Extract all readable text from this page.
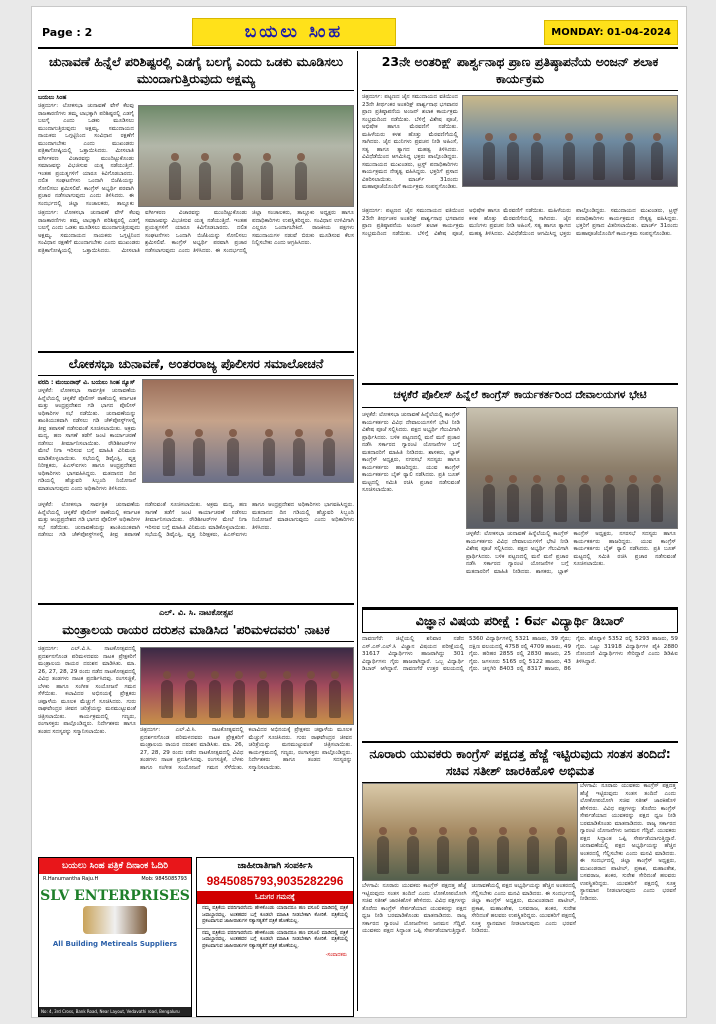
Page : 2	ಬಯಲು ಸಿಂಹ	MONDAY: 01-04-2024
ಚುನಾವಣೆ ಹಿನ್ನೆಲೆ ಪರಿಶಿಷ್ಟರಲ್ಲಿ ಎಡಗೈ ಬಲಗೈ ಎಂದು ಒಡಕು ಮೂಡಿಸಲು ಮುಂದಾಗುತ್ತಿರುವುದು ಅಕ್ಷಮ್ಯ
ಬಯಲು ಸಿಂಹ
ಚಿತ್ರದುರ್ಗ: ಲೋಕಸಭಾ ಚುನಾವಣೆ ವೇಳೆ ಕೆಲವು ರಾಜಕಾರಣಿಗಳು ತಮ್ಮ ಲಾಭಕ್ಕಾಗಿ ಪರಿಶಿಷ್ಟರಲ್ಲಿ ಎಡಗೈ ಬಲಗೈ ಎಂದು ಒಡಕು ಮೂಡಿಸಲು ಮುಂದಾಗುತ್ತಿರುವುದು ಅಕ್ಷಮ್ಯ. ಸಮುದಾಯದ ನಾಯಕರು ಒಗ್ಗಟ್ಟಿನಿಂದ ಸಂವಿಧಾನ ರಕ್ಷಣೆಗೆ ಮುಂದಾಗಬೇಕು ಎಂದು ಮುಖಂಡರು ಪತ್ರಿಕಾಗೋಷ್ಠಿಯಲ್ಲಿ ಒತ್ತಾಯಿಸಿದರು. ಮೀಸಲಾತಿ ವರ್ಗೀಕರಣ ವಿಚಾರವನ್ನು ಮುಂದಿಟ್ಟುಕೊಂಡು ಸಮಾಜವನ್ನು ವಿಭಜಿಸುವ ಯತ್ನ ನಡೆಯುತ್ತಿದೆ. ಇಂತಹ ಪ್ರಯತ್ನಗಳಿಗೆ ಯಾರೂ ಕಿವಿಗೊಡಬಾರದು. ದಲಿತ ಸಂಘಟನೆಗಳು ಒಂದಾಗಿ ಬಿಜೆಪಿಯನ್ನು ಸೋಲಿಸಲು ಶ್ರಮಿಸಲಿವೆ. ಕಾಂಗ್ರೆಸ್ ಅಭ್ಯರ್ಥಿ ಪರವಾಗಿ ಪ್ರಚಾರ ನಡೆಸಲಾಗುವುದು ಎಂದು ತಿಳಿಸಿದರು. ಈ ಸಂದರ್ಭದಲ್ಲಿ ಜಿಲ್ಲಾ ಸಂಚಾಲಕರು, ತಾಲ್ಲೂಕು
ಚಿತ್ರದುರ್ಗ: ಲೋಕಸಭಾ ಚುನಾವಣೆ ವೇಳೆ ಕೆಲವು ರಾಜಕಾರಣಿಗಳು ತಮ್ಮ ಲಾಭಕ್ಕಾಗಿ ಪರಿಶಿಷ್ಟರಲ್ಲಿ ಎಡಗೈ ಬಲಗೈ ಎಂದು ಒಡಕು ಮೂಡಿಸಲು ಮುಂದಾಗುತ್ತಿರುವುದು ಅಕ್ಷಮ್ಯ. ಸಮುದಾಯದ ನಾಯಕರು ಒಗ್ಗಟ್ಟಿನಿಂದ ಸಂವಿಧಾನ ರಕ್ಷಣೆಗೆ ಮುಂದಾಗಬೇಕು ಎಂದು ಮುಖಂಡರು ಪತ್ರಿಕಾಗೋಷ್ಠಿಯಲ್ಲಿ ಒತ್ತಾಯಿಸಿದರು. ಮೀಸಲಾತಿ ವರ್ಗೀಕರಣ ವಿಚಾರವನ್ನು ಮುಂದಿಟ್ಟುಕೊಂಡು ಸಮಾಜವನ್ನು ವಿಭಜಿಸುವ ಯತ್ನ ನಡೆಯುತ್ತಿದೆ. ಇಂತಹ ಪ್ರಯತ್ನಗಳಿಗೆ ಯಾರೂ ಕಿವಿಗೊಡಬಾರದು. ದಲಿತ ಸಂಘಟನೆಗಳು ಒಂದಾಗಿ ಬಿಜೆಪಿಯನ್ನು ಸೋಲಿಸಲು ಶ್ರಮಿಸಲಿವೆ. ಕಾಂಗ್ರೆಸ್ ಅಭ್ಯರ್ಥಿ ಪರವಾಗಿ ಪ್ರಚಾರ ನಡೆಸಲಾಗುವುದು ಎಂದು ತಿಳಿಸಿದರು. ಈ ಸಂದರ್ಭದಲ್ಲಿ ಜಿಲ್ಲಾ ಸಂಚಾಲಕರು, ತಾಲ್ಲೂಕು ಅಧ್ಯಕ್ಷರು ಹಾಗೂ ಪದಾಧಿಕಾರಿಗಳು ಉಪಸ್ಥಿತರಿದ್ದರು. ಸಂವಿಧಾನ ಉಳಿವಿಗಾಗಿ ಎಲ್ಲರೂ ಒಂದಾಗಬೇಕಿದೆ. ರಾಜಕೀಯ ಪಕ್ಷಗಳು ಸಮುದಾಯಗಳ ನಡುವೆ ಬಿರುಕು ಮೂಡಿಸುವ ಕೆಲಸ ನಿಲ್ಲಿಸಬೇಕು ಎಂದು ಆಗ್ರಹಿಸಿದರು.
ಲೋಕಸಭಾ ಚುನಾವಣೆ, ಅಂತರರಾಜ್ಯ ಪೊಲೀಸರ ಸಮಾಲೋಚನೆ
ವರದಿ : ಮಂಜುನಾಥ್ ವಿ. ಬಯಲು ಸಿಂಹ ನ್ಯೂಸ್
ಚಳ್ಳಕೆರೆ: ಲೋಕಸಭಾ ಸಾರ್ವತ್ರಿಕ ಚುನಾವಣೆಯ ಹಿನ್ನೆಲೆಯಲ್ಲಿ ಚಳ್ಳಕೆರೆ ಪೊಲೀಸ್ ಠಾಣೆಯಲ್ಲಿ ಕರ್ನಾಟಕ ಮತ್ತು ಆಂಧ್ರಪ್ರದೇಶದ ಗಡಿ ಭಾಗದ ಪೊಲೀಸ್ ಅಧಿಕಾರಿಗಳ ಸಭೆ ನಡೆಯಿತು. ಚುನಾವಣೆಯನ್ನು ಶಾಂತಿಯುತವಾಗಿ ನಡೆಸಲು ಗಡಿ ಚೆಕ್‌ಪೋಸ್ಟ್‌ಗಳಲ್ಲಿ ತೀವ್ರ ತಪಾಸಣೆ ನಡೆಸುವಂತೆ ಸೂಚಿಸಲಾಯಿತು. ಅಕ್ರಮ ಮದ್ಯ, ಹಣ ಸಾಗಣೆ ತಡೆಗೆ ಜಂಟಿ ಕಾರ್ಯಾಚರಣೆ ನಡೆಸಲು ತೀರ್ಮಾನಿಸಲಾಯಿತು. ರೌಡಿಶೀಟರ್‌ಗಳ ಮೇಲೆ ನಿಗಾ ಇರಿಸುವ ಬಗ್ಗೆ ಮಾಹಿತಿ ವಿನಿಮಯ ಮಾಡಿಕೊಳ್ಳಲಾಯಿತು. ಸಭೆಯಲ್ಲಿ ಡಿವೈಎಸ್ಪಿ, ವೃತ್ತ ನಿರೀಕ್ಷಕರು, ಪಿಎಸ್‌ಐಗಳು ಹಾಗೂ ಆಂಧ್ರಪ್ರದೇಶದ ಅಧಿಕಾರಿಗಳು ಭಾಗವಹಿಸಿದ್ದರು. ಮತದಾನದ ದಿನ ಗಡಿಯಲ್ಲಿ ಹೆಚ್ಚುವರಿ ಸಿಬ್ಬಂದಿ ನಿಯೋಜನೆ ಮಾಡಲಾಗುವುದು ಎಂದು ಅಧಿಕಾರಿಗಳು ತಿಳಿಸಿದರು.
ಚಳ್ಳಕೆರೆ: ಲೋಕಸಭಾ ಸಾರ್ವತ್ರಿಕ ಚುನಾವಣೆಯ ಹಿನ್ನೆಲೆಯಲ್ಲಿ ಚಳ್ಳಕೆರೆ ಪೊಲೀಸ್ ಠಾಣೆಯಲ್ಲಿ ಕರ್ನಾಟಕ ಮತ್ತು ಆಂಧ್ರಪ್ರದೇಶದ ಗಡಿ ಭಾಗದ ಪೊಲೀಸ್ ಅಧಿಕಾರಿಗಳ ಸಭೆ ನಡೆಯಿತು. ಚುನಾವಣೆಯನ್ನು ಶಾಂತಿಯುತವಾಗಿ ನಡೆಸಲು ಗಡಿ ಚೆಕ್‌ಪೋಸ್ಟ್‌ಗಳಲ್ಲಿ ತೀವ್ರ ತಪಾಸಣೆ ನಡೆಸುವಂತೆ ಸೂಚಿಸಲಾಯಿತು. ಅಕ್ರಮ ಮದ್ಯ, ಹಣ ಸಾಗಣೆ ತಡೆಗೆ ಜಂಟಿ ಕಾರ್ಯಾಚರಣೆ ನಡೆಸಲು ತೀರ್ಮಾನಿಸಲಾಯಿತು. ರೌಡಿಶೀಟರ್‌ಗಳ ಮೇಲೆ ನಿಗಾ ಇರಿಸುವ ಬಗ್ಗೆ ಮಾಹಿತಿ ವಿನಿಮಯ ಮಾಡಿಕೊಳ್ಳಲಾಯಿತು. ಸಭೆಯಲ್ಲಿ ಡಿವೈಎಸ್ಪಿ, ವೃತ್ತ ನಿರೀಕ್ಷಕರು, ಪಿಎಸ್‌ಐಗಳು ಹಾಗೂ ಆಂಧ್ರಪ್ರದೇಶದ ಅಧಿಕಾರಿಗಳು ಭಾಗವಹಿಸಿದ್ದರು. ಮತದಾನದ ದಿನ ಗಡಿಯಲ್ಲಿ ಹೆಚ್ಚುವರಿ ಸಿಬ್ಬಂದಿ ನಿಯೋಜನೆ ಮಾಡಲಾಗುವುದು ಎಂದು ಅಧಿಕಾರಿಗಳು ತಿಳಿಸಿದರು.
ಎಲ್. ವಿ. ಸಿ. ನಾಟಕೋತ್ಸವ
ಮಂತ್ರಾಲಯ ರಾಯರ ದರುಶನ ಮಾಡಿಸಿದ 'ಪರಿಮಳದವರು' ನಾಟಕ
ಚಿತ್ರದುರ್ಗ: ಎಲ್.ವಿ.ಸಿ. ನಾಟಕೋತ್ಸವದಲ್ಲಿ ಪ್ರದರ್ಶನಗೊಂಡ ಪರಿಮಳದವರು ನಾಟಕ ಪ್ರೇಕ್ಷಕರಿಗೆ ಮಂತ್ರಾಲಯ ರಾಯರ ದರುಶನ ಮಾಡಿಸಿತು. ಮಾ. 26, 27, 28, 29 ರಂದು ನಡೆದ ನಾಟಕೋತ್ಸವದಲ್ಲಿ ವಿವಿಧ ತಂಡಗಳು ನಾಟಕ ಪ್ರದರ್ಶಿಸಿದವು. ರಂಗಸಜ್ಜಿಕೆ, ಬೆಳಕು ಹಾಗೂ ಸಂಗೀತ ಸಂಯೋಜನೆ ಗಮನ ಸೆಳೆಯಿತು. ಕಲಾವಿದರ ಅಭಿನಯಕ್ಕೆ ಪ್ರೇಕ್ಷಕರು ಚಪ್ಪಾಳೆಯ ಮೂಲಕ ಮೆಚ್ಚುಗೆ ಸೂಚಿಸಿದರು. ಗುರು ರಾಘವೇಂದ್ರರ ಜೀವನ ಚರಿತ್ರೆಯನ್ನು ಮನಮುಟ್ಟುವಂತೆ ಚಿತ್ರಿಸಲಾಯಿತು. ಕಾರ್ಯಕ್ರಮದಲ್ಲಿ ಗಣ್ಯರು, ರಂಗಾಸಕ್ತರು ಪಾಲ್ಗೊಂಡಿದ್ದರು. ನಿರ್ದೇಶಕರು ಹಾಗೂ ತಂಡದ ಸದಸ್ಯರನ್ನು ಸನ್ಮಾನಿಸಲಾಯಿತು.	ಚಿತ್ರದುರ್ಗ: ಎಲ್.ವಿ.ಸಿ. ನಾಟಕೋತ್ಸವದಲ್ಲಿ ಪ್ರದರ್ಶನಗೊಂಡ ಪರಿಮಳದವರು ನಾಟಕ ಪ್ರೇಕ್ಷಕರಿಗೆ ಮಂತ್ರಾಲಯ ರಾಯರ ದರುಶನ ಮಾಡಿಸಿತು. ಮಾ. 26, 27, 28, 29 ರಂದು ನಡೆದ ನಾಟಕೋತ್ಸವದಲ್ಲಿ ವಿವಿಧ ತಂಡಗಳು ನಾಟಕ ಪ್ರದರ್ಶಿಸಿದವು. ರಂಗಸಜ್ಜಿಕೆ, ಬೆಳಕು ಹಾಗೂ ಸಂಗೀತ ಸಂಯೋಜನೆ ಗಮನ ಸೆಳೆಯಿತು. ಕಲಾವಿದರ ಅಭಿನಯಕ್ಕೆ ಪ್ರೇಕ್ಷಕರು ಚಪ್ಪಾಳೆಯ ಮೂಲಕ ಮೆಚ್ಚುಗೆ ಸೂಚಿಸಿದರು. ಗುರು ರಾಘವೇಂದ್ರರ ಜೀವನ ಚರಿತ್ರೆಯನ್ನು ಮನಮುಟ್ಟುವಂತೆ ಚಿತ್ರಿಸಲಾಯಿತು. ಕಾರ್ಯಕ್ರಮದಲ್ಲಿ ಗಣ್ಯರು, ರಂಗಾಸಕ್ತರು ಪಾಲ್ಗೊಂಡಿದ್ದರು. ನಿರ್ದೇಶಕರು ಹಾಗೂ ತಂಡದ ಸದಸ್ಯರನ್ನು ಸನ್ಮಾನಿಸಲಾಯಿತು.
ಬಯಲು ಸಿಂಹ ಪತ್ರಿಕೆ ದಿನಾಂಕ ಓದಿರಿ
R.Hanumantha Raju.H	Mob: 9845085793
SLV ENTERPRISES
All Building Metireals Suppliers
No: 4, 3rd Cross, Bank Road, Near Layout, Vedavathi road, Bengaluru
ಜಾಹೀರಾತಿಗಾಗಿ ಸಂಪರ್ಕಿಸಿ
9845085793,9035282296
ಓದುಗರ ಗಮನಕ್ಕೆ
ನಮ್ಮ ಪತ್ರಿಕೆಯ ವರದಿಗಾರರೆಂದು ಹೇಳಿಕೊಂಡು ಯಾರಾದರೂ ಹಣ ವಸೂಲಿ ಮಾಡಿದಲ್ಲಿ ಪತ್ರಿಕೆ ಜವಾಬ್ದಾರವಲ್ಲ. ಅಂತಹವರ ಬಗ್ಗೆ ಕೂಡಲೇ ಮಾಹಿತಿ ನೀಡಬೇಕಾಗಿ ಕೋರಿಕೆ. ಪತ್ರಿಕೆಯಲ್ಲಿ ಪ್ರಕಟವಾಗುವ ಜಾಹೀರಾತುಗಳ ಸತ್ಯಾಸತ್ಯತೆಗೆ ಪತ್ರಿಕೆ ಹೊಣೆಯಲ್ಲ.
ನಮ್ಮ ಪತ್ರಿಕೆಯ ವರದಿಗಾರರೆಂದು ಹೇಳಿಕೊಂಡು ಯಾರಾದರೂ ಹಣ ವಸೂಲಿ ಮಾಡಿದಲ್ಲಿ ಪತ್ರಿಕೆ ಜವಾಬ್ದಾರವಲ್ಲ. ಅಂತಹವರ ಬಗ್ಗೆ ಕೂಡಲೇ ಮಾಹಿತಿ ನೀಡಬೇಕಾಗಿ ಕೋರಿಕೆ. ಪತ್ರಿಕೆಯಲ್ಲಿ ಪ್ರಕಟವಾಗುವ ಜಾಹೀರಾತುಗಳ ಸತ್ಯಾಸತ್ಯತೆಗೆ ಪತ್ರಿಕೆ ಹೊಣೆಯಲ್ಲ.
-ಸಂಪಾದಕರು
23ನೇ ಅಂತರಿಕ್ಷ್ ಪಾರ್ಶ್ವನಾಥ ಪ್ರಾಣ ಪ್ರತಿಷ್ಠಾಪನೆಯ ಅಂಜನ್ ಶಲಾಕ ಕಾರ್ಯಕ್ರಮ
ಚಿತ್ರದುರ್ಗ: ಪಟ್ಟಣದ ಜೈನ ಸಮುದಾಯದ ವತಿಯಿಂದ 23ನೇ ತೀರ್ಥಂಕರ ಅಂತರಿಕ್ಷ್ ಪಾರ್ಶ್ವನಾಥ ಭಗವಾನರ ಪ್ರಾಣ ಪ್ರತಿಷ್ಠಾಪನೆಯ ಅಂಜನ್ ಶಲಾಕ ಕಾರ್ಯಕ್ರಮ ಸಂಭ್ರಮದಿಂದ ನಡೆಯಿತು. ಬೆಳಿಗ್ಗೆ ವಿಶೇಷ ಪೂಜೆ, ಅಭಿಷೇಕ ಹಾಗೂ ಮೆರವಣಿಗೆ ನಡೆಯಿತು. ಮಹಿಳೆಯರು ಕಳಶ ಹೊತ್ತು ಮೆರವಣಿಗೆಯಲ್ಲಿ ಸಾಗಿದರು. ಜೈನ ಮುನಿಗಳು ಪ್ರವಚನ ನೀಡಿ ಅಹಿಂಸೆ, ಸತ್ಯ ಹಾಗೂ ತ್ಯಾಗದ ಮಹತ್ವ ತಿಳಿಸಿದರು. ವಿವಿಧೆಡೆಯಿಂದ ಆಗಮಿಸಿದ್ದ ಭಕ್ತರು ಪಾಲ್ಗೊಂಡಿದ್ದರು. ಸಮುದಾಯದ ಮುಖಂಡರು, ಟ್ರಸ್ಟ್ ಪದಾಧಿಕಾರಿಗಳು ಕಾರ್ಯಕ್ರಮದ ನೇತೃತ್ವ ವಹಿಸಿದ್ದರು. ಭಕ್ತರಿಗೆ ಪ್ರಸಾದ ವಿತರಿಸಲಾಯಿತು. ಮಾರ್ಚ್ 31ರಂದು ಮಹಾಪೂಜೆಯೊಂದಿಗೆ ಕಾರ್ಯಕ್ರಮ ಸಂಪನ್ನಗೊಂಡಿತು.
ಚಿತ್ರದುರ್ಗ: ಪಟ್ಟಣದ ಜೈನ ಸಮುದಾಯದ ವತಿಯಿಂದ 23ನೇ ತೀರ್ಥಂಕರ ಅಂತರಿಕ್ಷ್ ಪಾರ್ಶ್ವನಾಥ ಭಗವಾನರ ಪ್ರಾಣ ಪ್ರತಿಷ್ಠಾಪನೆಯ ಅಂಜನ್ ಶಲಾಕ ಕಾರ್ಯಕ್ರಮ ಸಂಭ್ರಮದಿಂದ ನಡೆಯಿತು. ಬೆಳಿಗ್ಗೆ ವಿಶೇಷ ಪೂಜೆ, ಅಭಿಷೇಕ ಹಾಗೂ ಮೆರವಣಿಗೆ ನಡೆಯಿತು. ಮಹಿಳೆಯರು ಕಳಶ ಹೊತ್ತು ಮೆರವಣಿಗೆಯಲ್ಲಿ ಸಾಗಿದರು. ಜೈನ ಮುನಿಗಳು ಪ್ರವಚನ ನೀಡಿ ಅಹಿಂಸೆ, ಸತ್ಯ ಹಾಗೂ ತ್ಯಾಗದ ಮಹತ್ವ ತಿಳಿಸಿದರು. ವಿವಿಧೆಡೆಯಿಂದ ಆಗಮಿಸಿದ್ದ ಭಕ್ತರು ಪಾಲ್ಗೊಂಡಿದ್ದರು. ಸಮುದಾಯದ ಮುಖಂಡರು, ಟ್ರಸ್ಟ್ ಪದಾಧಿಕಾರಿಗಳು ಕಾರ್ಯಕ್ರಮದ ನೇತೃತ್ವ ವಹಿಸಿದ್ದರು. ಭಕ್ತರಿಗೆ ಪ್ರಸಾದ ವಿತರಿಸಲಾಯಿತು. ಮಾರ್ಚ್ 31ರಂದು ಮಹಾಪೂಜೆಯೊಂದಿಗೆ ಕಾರ್ಯಕ್ರಮ ಸಂಪನ್ನಗೊಂಡಿತು.
ಚಳ್ಳಕೆರೆ ಪೊಲೀಸ್ ಹಿನ್ನೆಲೆ ಕಾಂಗ್ರೆಸ್ ಕಾರ್ಯಕರ್ತರಿಂದ ದೇವಾಲಯಗಳ ಭೇಟಿ
ಚಳ್ಳಕೆರೆ: ಲೋಕಸಭಾ ಚುನಾವಣೆ ಹಿನ್ನೆಲೆಯಲ್ಲಿ ಕಾಂಗ್ರೆಸ್ ಕಾರ್ಯಕರ್ತರು ವಿವಿಧ ದೇವಾಲಯಗಳಿಗೆ ಭೇಟಿ ನೀಡಿ ವಿಶೇಷ ಪೂಜೆ ಸಲ್ಲಿಸಿದರು. ಪಕ್ಷದ ಅಭ್ಯರ್ಥಿ ಗೆಲುವಿಗಾಗಿ ಪ್ರಾರ್ಥಿಸಿದರು. ಬಳಿಕ ಪಟ್ಟಣದಲ್ಲಿ ಮನೆ ಮನೆ ಪ್ರಚಾರ ನಡೆಸಿ ಸರ್ಕಾರದ ಗ್ಯಾರಂಟಿ ಯೋಜನೆಗಳ ಬಗ್ಗೆ ಮತದಾರರಿಗೆ ಮಾಹಿತಿ ನೀಡಿದರು. ಶಾಸಕರು, ಬ್ಲಾಕ್ ಕಾಂಗ್ರೆಸ್ ಅಧ್ಯಕ್ಷರು, ನಗರಸಭೆ ಸದಸ್ಯರು ಹಾಗೂ ಕಾರ್ಯಕರ್ತರು ಹಾಜರಿದ್ದರು. ಯುವ ಕಾಂಗ್ರೆಸ್ ಕಾರ್ಯಕರ್ತರು ಬೈಕ್ ರ‍್ಯಾಲಿ ನಡೆಸಿದರು. ಪ್ರತಿ ಬೂತ್ ಮಟ್ಟದಲ್ಲಿ ಸಮಿತಿ ರಚಿಸಿ ಪ್ರಚಾರ ನಡೆಸುವಂತೆ ಸೂಚಿಸಲಾಯಿತು.
ಚಳ್ಳಕೆರೆ: ಲೋಕಸಭಾ ಚುನಾವಣೆ ಹಿನ್ನೆಲೆಯಲ್ಲಿ ಕಾಂಗ್ರೆಸ್ ಕಾರ್ಯಕರ್ತರು ವಿವಿಧ ದೇವಾಲಯಗಳಿಗೆ ಭೇಟಿ ನೀಡಿ ವಿಶೇಷ ಪೂಜೆ ಸಲ್ಲಿಸಿದರು. ಪಕ್ಷದ ಅಭ್ಯರ್ಥಿ ಗೆಲುವಿಗಾಗಿ ಪ್ರಾರ್ಥಿಸಿದರು. ಬಳಿಕ ಪಟ್ಟಣದಲ್ಲಿ ಮನೆ ಮನೆ ಪ್ರಚಾರ ನಡೆಸಿ ಸರ್ಕಾರದ ಗ್ಯಾರಂಟಿ ಯೋಜನೆಗಳ ಬಗ್ಗೆ ಮತದಾರರಿಗೆ ಮಾಹಿತಿ ನೀಡಿದರು. ಶಾಸಕರು, ಬ್ಲಾಕ್ ಕಾಂಗ್ರೆಸ್ ಅಧ್ಯಕ್ಷರು, ನಗರಸಭೆ ಸದಸ್ಯರು ಹಾಗೂ ಕಾರ್ಯಕರ್ತರು ಹಾಜರಿದ್ದರು. ಯುವ ಕಾಂಗ್ರೆಸ್ ಕಾರ್ಯಕರ್ತರು ಬೈಕ್ ರ‍್ಯಾಲಿ ನಡೆಸಿದರು. ಪ್ರತಿ ಬೂತ್ ಮಟ್ಟದಲ್ಲಿ ಸಮಿತಿ ರಚಿಸಿ ಪ್ರಚಾರ ನಡೆಸುವಂತೆ ಸೂಚಿಸಲಾಯಿತು.
ವಿಜ್ಞಾನ ವಿಷಯ ಪರೀಕ್ಷೆ : 6ರ್ವ ವಿದ್ಯಾರ್ಥಿ ಡಿಬಾರ್
ದಾವಣಗೆರೆ: ಜಿಲ್ಲೆಯಲ್ಲಿ ಶನಿವಾರ ನಡೆದ ಎಸ್.ಎಸ್.ಎಲ್.ಸಿ ವಿಜ್ಞಾನ ವಿಷಯದ ಪರೀಕ್ಷೆಯಲ್ಲಿ 31617 ವಿದ್ಯಾರ್ಥಿಗಳು ಹಾಜರಾಗಿದ್ದು 301 ವಿದ್ಯಾರ್ಥಿಗಳು ಗೈರು ಹಾಜರಾಗಿದ್ದಾರೆ. ಒಬ್ಬ ವಿದ್ಯಾರ್ಥಿ ಡಿಬಾರ್ ಆಗಿದ್ದಾನೆ. ದಾವಣಗೆರೆ ಉತ್ತರ ವಲಯದಲ್ಲಿ 5360 ವಿದ್ಯಾರ್ಥಿಗಳಲ್ಲಿ 5321 ಹಾಜರು, 39 ಗೈರು; ದಕ್ಷಿಣ ವಲಯದಲ್ಲಿ 4758 ರಲ್ಲಿ 4709 ಹಾಜರು, 49 ಗೈರು. ಹರಿಹರ 2855 ರಲ್ಲಿ 2830 ಹಾಜರು, 25 ಗೈರು. ಜಗಳೂರು 5165 ರಲ್ಲಿ 5122 ಹಾಜರು, 43 ಗೈರು. ಚನ್ನಗಿರಿ 8403 ರಲ್ಲಿ 8317 ಹಾಜರು, 86 ಗೈರು. ಹೊನ್ನಾಳಿ 5352 ರಲ್ಲಿ 5293 ಹಾಜರು, 59 ಗೈರು. ಒಟ್ಟು 31918 ವಿದ್ಯಾರ್ಥಿಗಳ ಪೈಕಿ 2880 ನೋಂದಣಿ ವಿದ್ಯಾರ್ಥಿಗಳು ಸೇರಿದ್ದಾರೆ ಎಂದು ಡಿಡಿಪಿಐ ತಿಳಿಸಿದ್ದಾರೆ.
ನೂರಾರು ಯುವಕರು ಕಾಂಗ್ರೆಸ್ ಪಕ್ಷದತ್ತ ಹೆಜ್ಜೆ ಇಟ್ಟಿರುವುದು ಸಂತಸ ತಂದಿದೆ: ಸಚಿವ ಸತೀಶ್ ಜಾರಕಿಹೊಳಿ ಅಭಿಮತ
ಬೆಳಗಾವಿ: ನೂರಾರು ಯುವಕರು ಕಾಂಗ್ರೆಸ್ ಪಕ್ಷದತ್ತ ಹೆಜ್ಜೆ ಇಟ್ಟಿರುವುದು ಸಂತಸ ತಂದಿದೆ ಎಂದು ಲೋಕೋಪಯೋಗಿ ಸಚಿವ ಸತೀಶ್ ಜಾರಕಿಹೊಳಿ ಹೇಳಿದರು. ವಿವಿಧ ಪಕ್ಷಗಳನ್ನು ತೊರೆದು ಕಾಂಗ್ರೆಸ್ ಸೇರ್ಪಡೆಯಾದ ಯುವಕರನ್ನು ಪಕ್ಷದ ಧ್ವಜ ನೀಡಿ ಬರಮಾಡಿಕೊಂಡು ಮಾತನಾಡಿದರು. ರಾಜ್ಯ ಸರ್ಕಾರದ ಗ್ಯಾರಂಟಿ ಯೋಜನೆಗಳು ಜನಮನ ಗೆದ್ದಿವೆ. ಯುವಕರು ಪಕ್ಷದ ಸಿದ್ಧಾಂತ ಒಪ್ಪಿ ಸೇರ್ಪಡೆಯಾಗುತ್ತಿದ್ದಾರೆ. ಚುನಾವಣೆಯಲ್ಲಿ ಪಕ್ಷದ ಅಭ್ಯರ್ಥಿಯನ್ನು ಹೆಚ್ಚಿನ ಅಂತರದಲ್ಲಿ ಗೆಲ್ಲಿಸಬೇಕು ಎಂದು ಮನವಿ ಮಾಡಿದರು. ಈ ಸಂದರ್ಭದಲ್ಲಿ ಜಿಲ್ಲಾ ಕಾಂಗ್ರೆಸ್ ಅಧ್ಯಕ್ಷರು, ಮುಖಂಡರಾದ ಪಾಟೀಲ್, ಪ್ರಕಾಶ, ಮಹಾಂತೇಶ, ಬಸವರಾಜ, ಶಂಕರ, ಸುರೇಶ ಸೇರಿದಂತೆ ಹಲವರು ಉಪಸ್ಥಿತರಿದ್ದರು. ಯುವಕರಿಗೆ ಪಕ್ಷದಲ್ಲಿ ಸೂಕ್ತ ಸ್ಥಾನಮಾನ ನೀಡಲಾಗುವುದು ಎಂದು ಭರವಸೆ ನೀಡಿದರು.
ಬೆಳಗಾವಿ: ನೂರಾರು ಯುವಕರು ಕಾಂಗ್ರೆಸ್ ಪಕ್ಷದತ್ತ ಹೆಜ್ಜೆ ಇಟ್ಟಿರುವುದು ಸಂತಸ ತಂದಿದೆ ಎಂದು ಲೋಕೋಪಯೋಗಿ ಸಚಿವ ಸತೀಶ್ ಜಾರಕಿಹೊಳಿ ಹೇಳಿದರು. ವಿವಿಧ ಪಕ್ಷಗಳನ್ನು ತೊರೆದು ಕಾಂಗ್ರೆಸ್ ಸೇರ್ಪಡೆಯಾದ ಯುವಕರನ್ನು ಪಕ್ಷದ ಧ್ವಜ ನೀಡಿ ಬರಮಾಡಿಕೊಂಡು ಮಾತನಾಡಿದರು. ರಾಜ್ಯ ಸರ್ಕಾರದ ಗ್ಯಾರಂಟಿ ಯೋಜನೆಗಳು ಜನಮನ ಗೆದ್ದಿವೆ. ಯುವಕರು ಪಕ್ಷದ ಸಿದ್ಧಾಂತ ಒಪ್ಪಿ ಸೇರ್ಪಡೆಯಾಗುತ್ತಿದ್ದಾರೆ. ಚುನಾವಣೆಯಲ್ಲಿ ಪಕ್ಷದ ಅಭ್ಯರ್ಥಿಯನ್ನು ಹೆಚ್ಚಿನ ಅಂತರದಲ್ಲಿ ಗೆಲ್ಲಿಸಬೇಕು ಎಂದು ಮನವಿ ಮಾಡಿದರು. ಈ ಸಂದರ್ಭದಲ್ಲಿ ಜಿಲ್ಲಾ ಕಾಂಗ್ರೆಸ್ ಅಧ್ಯಕ್ಷರು, ಮುಖಂಡರಾದ ಪಾಟೀಲ್, ಪ್ರಕಾಶ, ಮಹಾಂತೇಶ, ಬಸವರಾಜ, ಶಂಕರ, ಸುರೇಶ ಸೇರಿದಂತೆ ಹಲವರು ಉಪಸ್ಥಿತರಿದ್ದರು. ಯುವಕರಿಗೆ ಪಕ್ಷದಲ್ಲಿ ಸೂಕ್ತ ಸ್ಥಾನಮಾನ ನೀಡಲಾಗುವುದು ಎಂದು ಭರವಸೆ ನೀಡಿದರು.
